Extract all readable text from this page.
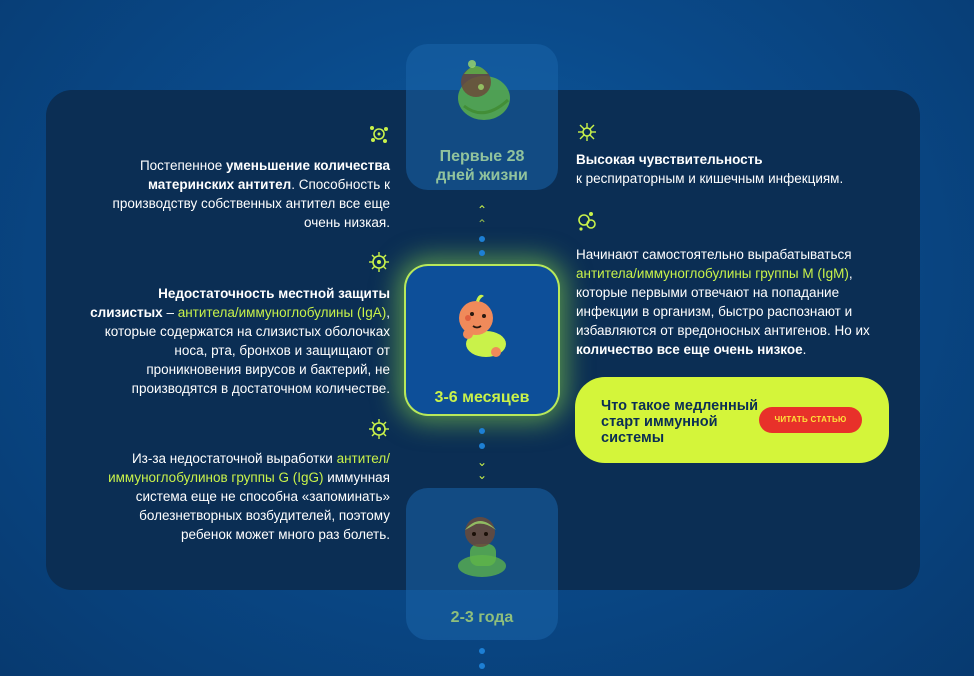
Первые 28
дней жизни
3-6 месяцев
2-3 года
⌃
⌃
⌄
⌄
Постепенное уменьшение количества материнских антител. Способность к производству собственных антител все еще очень низкая.
Недостаточность местной защиты слизистых – антитела/иммуноглобулины (IgA), которые содержатся на слизистых оболочках носа, рта, бронхов и защищают от проникновения вирусов и бактерий, не производятся в достаточном количестве.
Из-за недостаточной выработки антител/ иммуноглобулинов группы G (IgG) иммунная система еще не способна «запоминать» болезнетворных возбудителей, поэтому ребенок может много раз болеть.
Высокая чувствительность
к респираторным и кишечным инфекциям.
Начинают самостоятельно вырабатываться антитела/иммуноглобулины группы M (IgM), которые первыми отвечают на попадание инфекции в организм, быстро распознают и избавляются от вредоносных антигенов. Но их количество все еще очень низкое.
Что такое медленный старт иммунной системы
ЧИТАТЬ СТАТЬЮ
